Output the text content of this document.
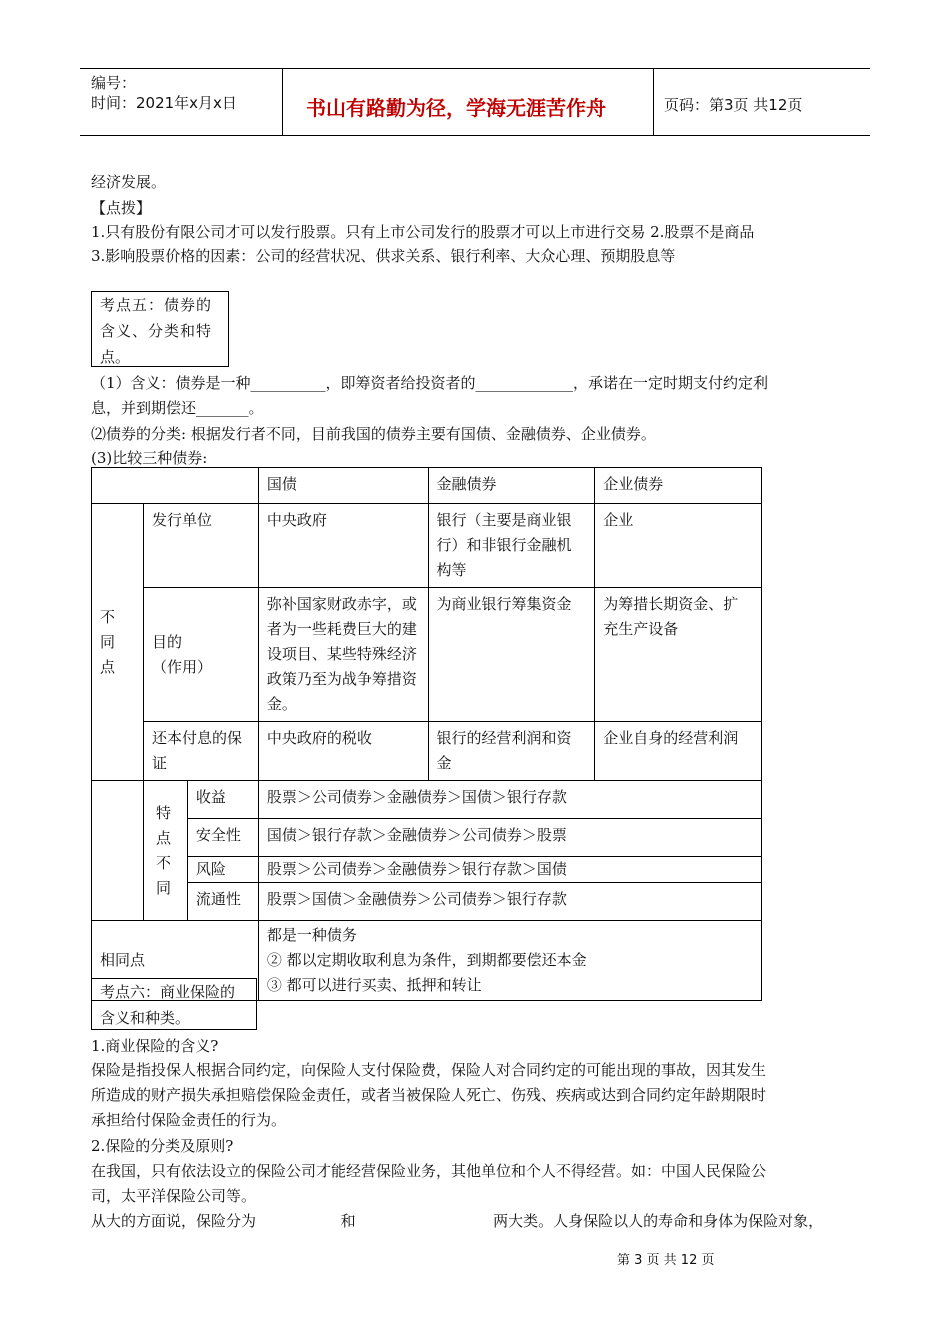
编号：
时间：2021年x月x日	书山有路勤为径，学海无涯苦作舟	页码：第3页 共12页
经济发展。
【点拨】
1.只有股份有限公司才可以发行股票。只有上市公司发行的股票才可以上市进行交易 2.股票不是商品
3.影响股票价格的因素：公司的经营状况、供求关系、银行利率、大众心理、预期股息等
考点五：债券的
含义、分类和特
点。
（1）含义：债券是一种__________，即筹资者给投资者的_____________，承诺在一定时期支付约定利
息，并到期偿还_______。
⑵债券的分类: 根据发行者不同，目前我国的债券主要有国债、金融债券、企业债券。
(3)比较三种债券:
			国债	金融债券	企业债券

不同点	发行单位		中央政府	银行（主要是商业银行）和非银行金融机构等	企业

	目的
（作用）		弥补国家财政赤字，或者为一些耗费巨大的建设项目、某些特殊经济政策乃至为战争筹措资金。	为商业银行筹集资金	为筹措长期资金、扩充生产设备
	还本付息的保证		中央政府的税收	银行的经营利润和资金	企业自身的经营利润

	特点不同	收益	股票＞公司债券＞金融债券＞国债＞银行存款		
		安全性	国债＞银行存款＞金融债券＞公司债券＞股票		
		风险	股票＞公司债券＞金融债券＞银行存款＞国债		
		流通性	股票＞国债＞金融债券＞公司债券＞银行存款		
相同点			都是一种债务
② 都以定期收取利息为条件，到期都要偿还本金
③ 都可以进行买卖、抵押和转让		
考点六：商业保险的
含义和种类。
1.商业保险的含义?
保险是指投保人根据合同约定，向保险人支付保险费，保险人对合同约定的可能出现的事故，因其发生
所造成的财产损失承担赔偿保险金责任，或者当被保险人死亡、伤残、疾病或达到合同约定年龄期限时
承担给付保险金责任的行为。
2.保险的分类及原则?
在我国，只有依法设立的保险公司才能经营保险业务，其他单位和个人不得经营。如：中国人民保险公
司，太平洋保险公司等。
从大的方面说，保险分为	和	两大类。人身保险以人的寿命和身体为保险对象，
第 3 页 共 12 页
